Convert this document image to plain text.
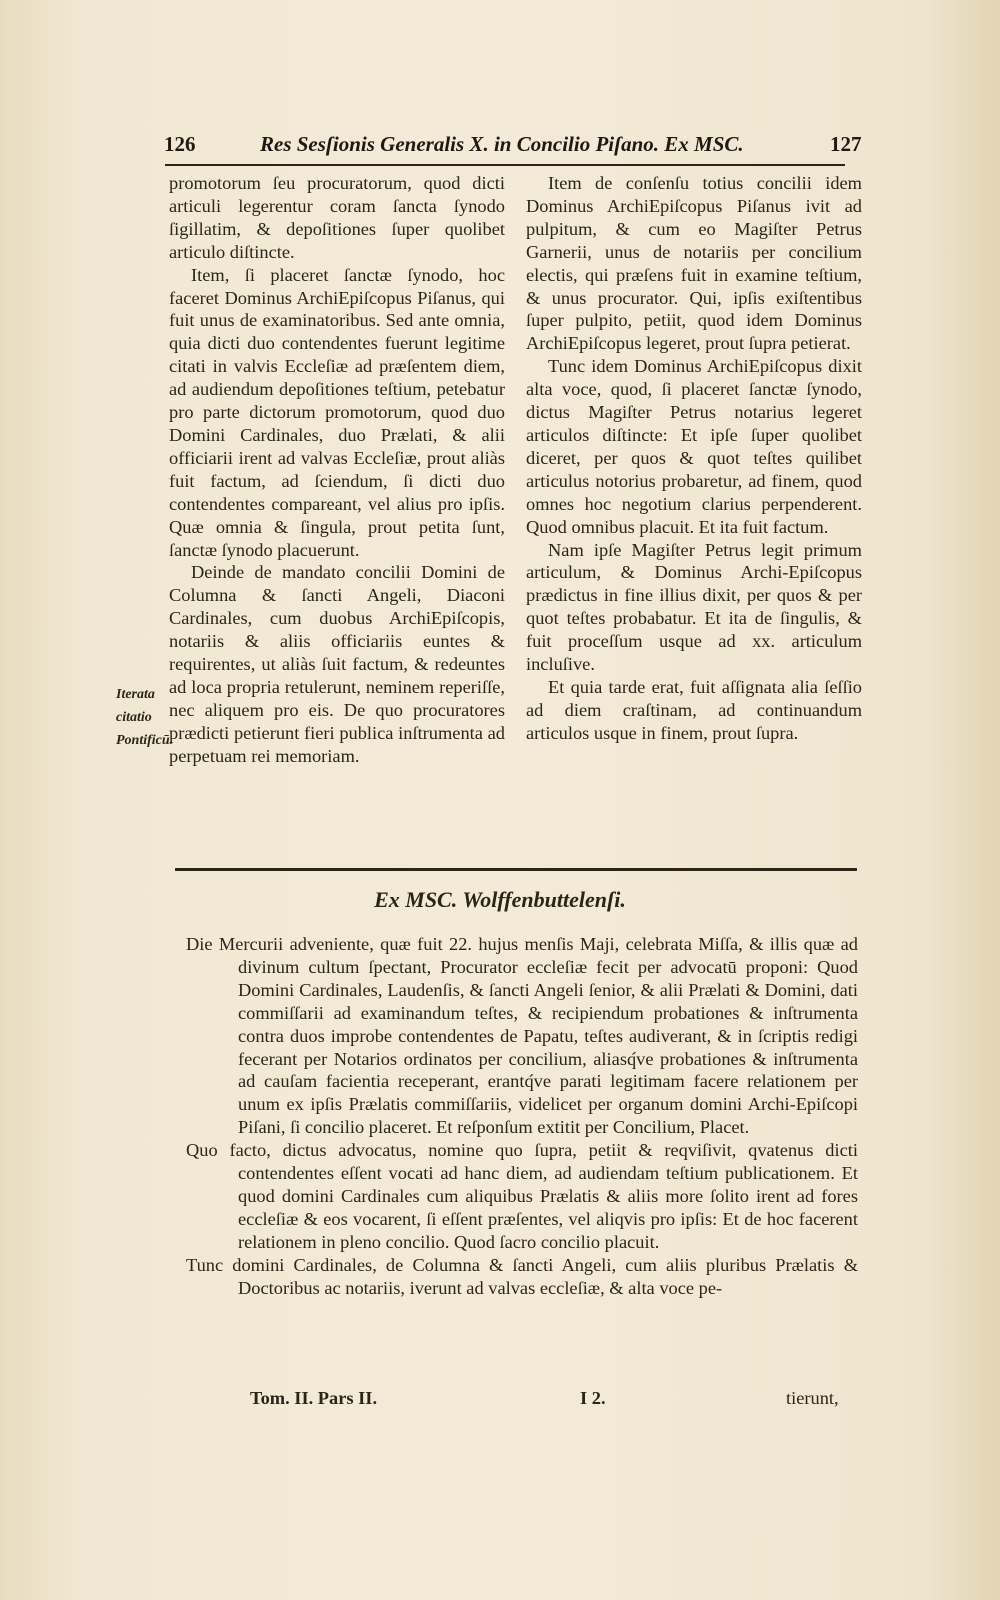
126	Res Sesſionis Generalis X. in Concilio Piſano. Ex MSC.	127

promotorum ſeu procuratorum, quod dicti articuli legerentur coram ſancta ſynodo ſigillatim, & depoſitiones ſuper quolibet articulo diſtincte.

Item, ſi placeret ſanctæ ſynodo, hoc faceret Dominus ArchiEpiſcopus Piſanus, qui fuit unus de examinatoribus. Sed ante omnia, quia dicti duo contendentes fuerunt legitime citati in valvis Eccleſiæ ad præſentem diem, ad audiendum depoſitiones teſtium, petebatur pro parte dictorum promotorum, quod duo Domini Cardinales, duo Prælati, & alii officiarii irent ad valvas Eccleſiæ, prout aliàs fuit factum, ad ſciendum, ſi dicti duo contendentes compareant, vel alius pro ipſis. Quæ omnia & ſingula, prout petita ſunt, ſanctæ ſynodo placuerunt.

Deinde de mandato concilii Domini de Columna & ſancti Angeli, Diaconi Cardinales, cum duobus ArchiEpiſcopis, notariis & aliis officiariis euntes & requirentes, ut aliàs ſuit factum, & redeuntes ad loca propria retulerunt, neminem reperiſſe, nec aliquem pro eis. De quo procuratores prædicti petierunt fieri publica inſtrumenta ad perpetuam rei memoriam.

Iterata
citatio
Pontificū.

Item de conſenſu totius concilii idem Dominus ArchiEpiſcopus Piſanus ivit ad pulpitum, & cum eo Magiſter Petrus Garnerii, unus de notariis per concilium electis, qui præſens fuit in examine teſtium, & unus procurator. Qui, ipſis exiſtentibus ſuper pulpito, petiit, quod idem Dominus ArchiEpiſcopus legeret, prout ſupra petierat.

Tunc idem Dominus ArchiEpiſcopus dixit alta voce, quod, ſi placeret ſanctæ ſynodo, dictus Magiſter Petrus notarius legeret articulos diſtincte: Et ipſe ſuper quolibet diceret, per quos & quot teſtes quilibet articulus notorius probaretur, ad finem, quod omnes hoc negotium clarius perpenderent. Quod omnibus placuit. Et ita fuit factum.

Nam ipſe Magiſter Petrus legit primum articulum, & Dominus Archi-Epiſcopus prædictus in fine illius dixit, per quos & per quot teſtes probabatur. Et ita de ſingulis, & fuit proceſſum usque ad xx. articulum incluſive.

Et quia tarde erat, fuit aſſignata alia ſeſſio ad diem craſtinam, ad continuandum articulos usque in finem, prout ſupra.

Ex MSC. Wolffenbuttelenſi.

Die Mercurii adveniente, quæ fuit 22. hujus menſis Maji, celebrata Miſſa, & illis quæ ad divinum cultum ſpectant, Procurator eccleſiæ fecit per advocatū proponi: Quod Domini Cardinales, Laudenſis, & ſancti Angeli ſenior, & alii Prælati & Domini, dati commiſſarii ad examinandum teſtes, & recipiendum probationes & inſtrumenta contra duos improbe contendentes de Papatu, teſtes audiverant, & in ſcriptis redigi fecerant per Notarios ordinatos per concilium, aliasq́ve probationes & inſtrumenta ad cauſam facientia receperant, erantq́ve parati legitimam facere relationem per unum ex ipſis Prælatis commiſſariis, videlicet per organum domini Archi-Epiſcopi Piſani, ſi concilio placeret. Et reſponſum extitit per Concilium, Placet.

Quo facto, dictus advocatus, nomine quo ſupra, petiit & reqviſivit, qvatenus dicti contendentes eſſent vocati ad hanc diem, ad audiendam teſtium publicationem. Et quod domini Cardinales cum aliquibus Prælatis & aliis more ſolito irent ad fores eccleſiæ & eos vocarent, ſi eſſent præſentes, vel aliqvis pro ipſis: Et de hoc facerent relationem in pleno concilio. Quod ſacro concilio placuit.

Tunc domini Cardinales, de Columna & ſancti Angeli, cum aliis pluribus Prælatis & Doctoribus ac notariis, iverunt ad valvas eccleſiæ, & alta voce pe-

Tom. II. Pars II.	I 2.	tierunt,
